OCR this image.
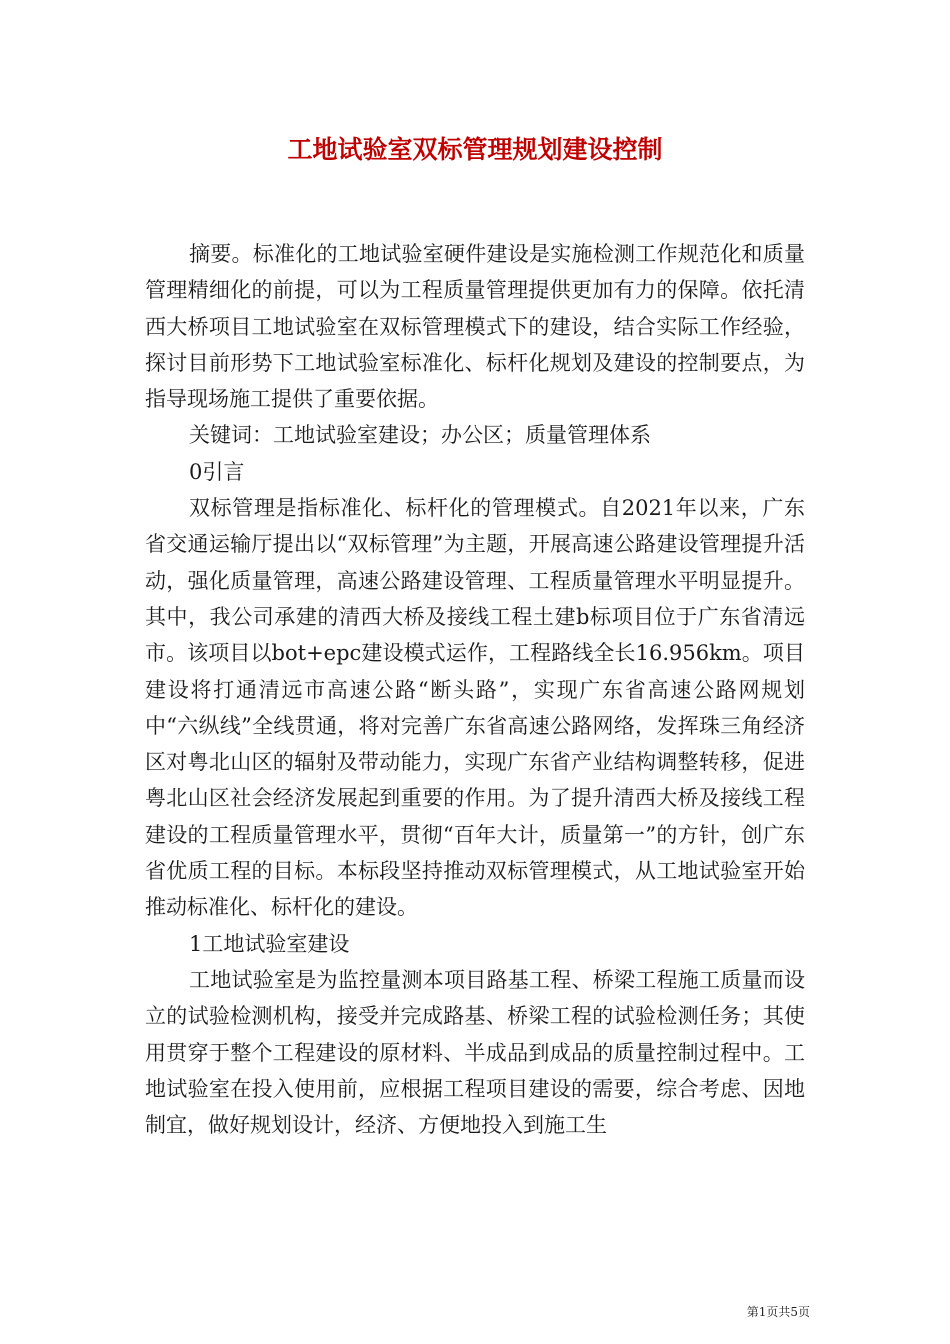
工地试验室双标管理规划建设控制

摘要。标准化的工地试验室硬件建设是实施检测工作规范化和质量管理精细化的前提，可以为工程质量管理提供更加有力的保障。依托清西大桥项目工地试验室在双标管理模式下的建设，结合实际工作经验，探讨目前形势下工地试验室标准化、标杆化规划及建设的控制要点，为指导现场施工提供了重要依据。

关键词：工地试验室建设；办公区；质量管理体系

0引言

双标管理是指标准化、标杆化的管理模式。自2021年以来，广东省交通运输厅提出以“双标管理”为主题，开展高速公路建设管理提升活动，强化质量管理，高速公路建设管理、工程质量管理水平明显提升。其中，我公司承建的清西大桥及接线工程土建b标项目位于广东省清远市。该项目以bot+epc建设模式运作，工程路线全长16.956km。项目建设将打通清远市高速公路“断头路”，实现广东省高速公路网规划中“六纵线”全线贯通，将对完善广东省高速公路网络，发挥珠三角经济区对粤北山区的辐射及带动能力，实现广东省产业结构调整转移，促进粤北山区社会经济发展起到重要的作用。为了提升清西大桥及接线工程建设的工程质量管理水平，贯彻“百年大计，质量第一”的方针，创广东省优质工程的目标。本标段坚持推动双标管理模式，从工地试验室开始推动标准化、标杆化的建设。

1工地试验室建设

工地试验室是为监控量测本项目路基工程、桥梁工程施工质量而设立的试验检测机构，接受并完成路基、桥梁工程的试验检测任务；其使用贯穿于整个工程建设的原材料、半成品到成品的质量控制过程中。工地试验室在投入使用前，应根据工程项目建设的需要，综合考虑、因地制宜，做好规划设计，经济、方便地投入到施工生

第1页共5页
